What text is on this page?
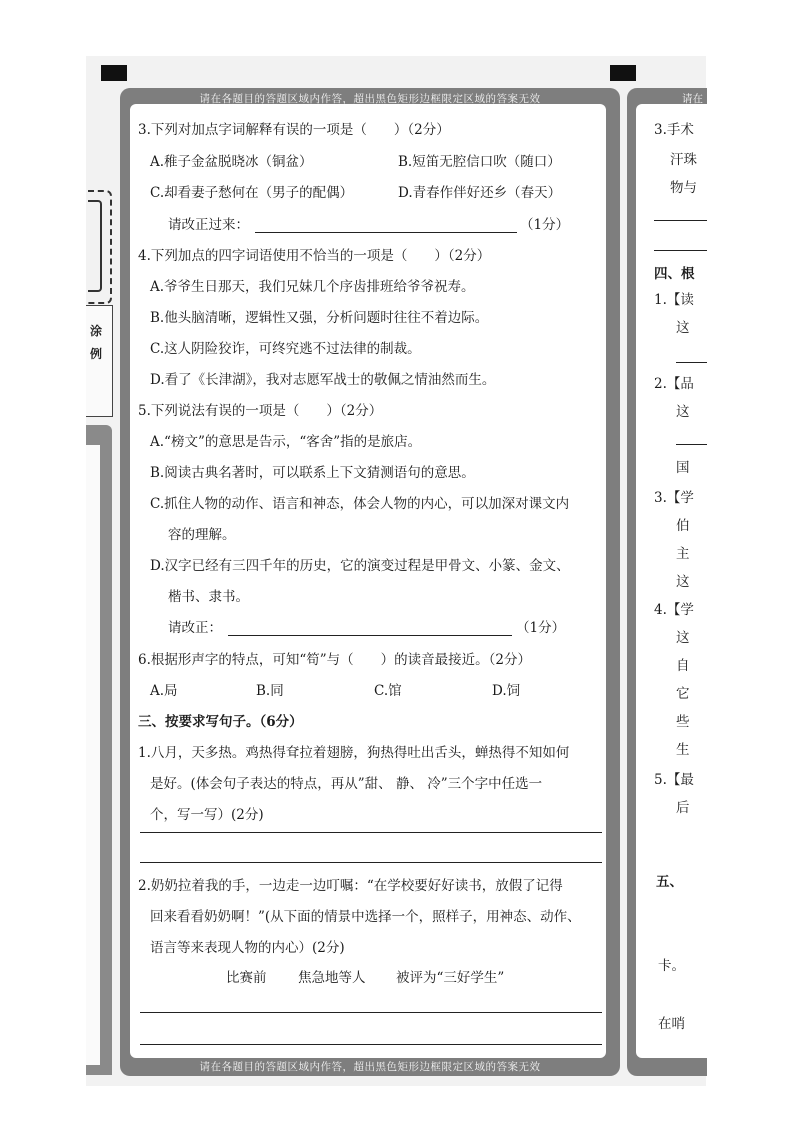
涂
例
请在各题目的答题区域内作答，超出黑色矩形边框限定区域的答案无效
请在各题目的答题区域内作答，超出黑色矩形边框限定区域的答案无效
请在
3.下列对加点字词解释有误的一项是（　　）（2分）
A.稚子金盆脱晓冰（铜盆）	B.短笛无腔信口吹（随口）
C.却看妻子愁何在（男子的配偶）	D.青春作伴好还乡（春天）
请改正过来：	（1分）
4.下列加点的四字词语使用不恰当的一项是（　　）（2分）
A.爷爷生日那天，我们兄妹几个序齿排班给爷爷祝寿。
B.他头脑清晰，逻辑性又强，分析问题时往往不着边际。
C.这人阴险狡诈，可终究逃不过法律的制裁。
D.看了《长津湖》，我对志愿军战士的敬佩之情油然而生。
5.下列说法有误的一项是（　　）（2分）
A.“榜文”的意思是告示，“客舍”指的是旅店。
B.阅读古典名著时，可以联系上下文猜测语句的意思。
C.抓住人物的动作、语言和神态，体会人物的内心，可以加深对课文内
容的理解。
D.汉字已经有三四千年的历史，它的演变过程是甲骨文、小篆、金文、
楷书、隶书。
请改正：	（1分）
6.根据形声字的特点，可知“笱”与（　　）的读音最接近。（2分）
A.局	B.同	C.馆	D.饲
三、按要求写句子。（6分）
1.八月，天多热。鸡热得耷拉着翅膀，狗热得吐出舌头，蝉热得不知如何
是好。(体会句子表达的特点，再从”甜、 静、 冷”三个字中任选一
个，写一写）(2分)
2.奶奶拉着我的手，一边走一边叮嘱：“在学校要好好读书，放假了记得
回来看看奶奶啊！”(从下面的情景中选择一个，照样子，用神态、动作、
语言等来表现人物的内心）(2分)
比赛前 焦急地等人 被评为“三好学生”
3.手术
汗珠
物与
四、根
1.【读
这
2.【品
这
国
3.【学
伯
主
这
4.【学
这
自
它
些
生
5.【最
后
五、
卡。
在哨
